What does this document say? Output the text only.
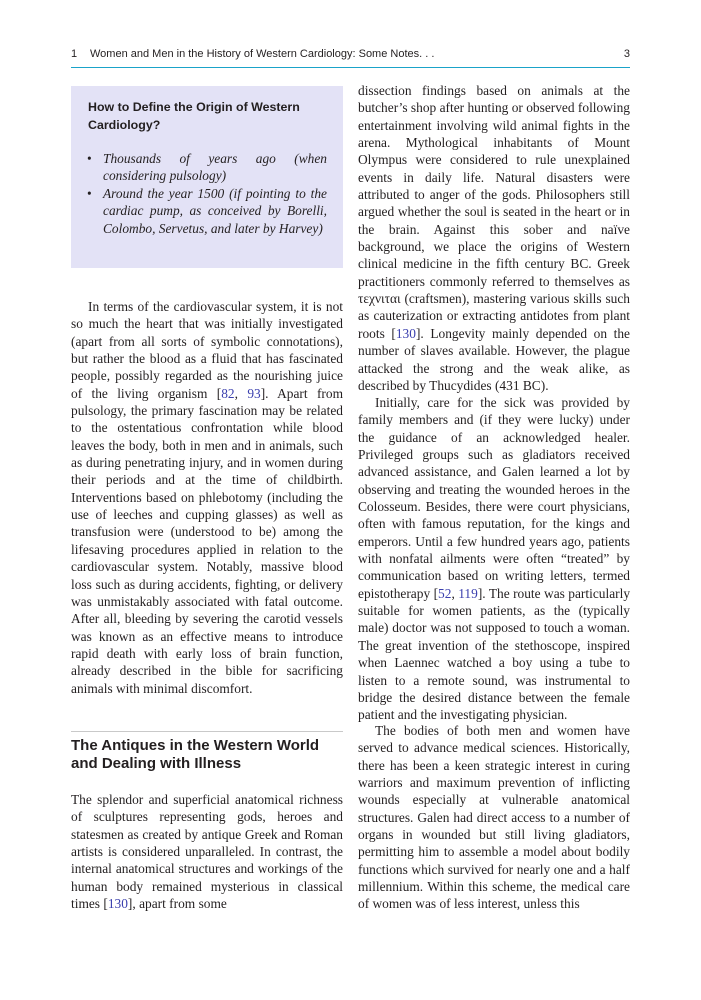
1 Women and Men in the History of Western Cardiology: Some Notes. . .	3
How to Define the Origin of Western Cardiology?
• Thousands of years ago (when considering pulsology)
• Around the year 1500 (if pointing to the cardiac pump, as conceived by Borelli, Colombo, Servetus, and later by Harvey)

In terms of the cardiovascular system, it is not so much the heart that was initially investigated (apart from all sorts of symbolic connotations), but rather the blood as a fluid that has fascinated people, possibly regarded as the nourishing juice of the living organism [82, 93]. Apart from pulsology, the primary fascination may be related to the ostentatious confrontation while blood leaves the body, both in men and in animals, such as during penetrating injury, and in women during their periods and at the time of childbirth. Interventions based on phlebotomy (including the use of leeches and cupping glasses) as well as transfusion were (understood to be) among the lifesaving procedures applied in relation to the cardiovascular system. Notably, massive blood loss such as during accidents, fighting, or delivery was unmistakably associated with fatal outcome. After all, bleeding by severing the carotid vessels was known as an effective means to introduce rapid death with early loss of brain function, already described in the bible for sacrificing animals with minimal discomfort.

The Antiques in the Western World and Dealing with Illness

The splendor and superficial anatomical richness of sculptures representing gods, heroes and statesmen as created by antique Greek and Roman artists is considered unparalleled. In contrast, the internal anatomical structures and workings of the human body remained mysterious in classical times [130], apart from some

dissection findings based on animals at the butcher’s shop after hunting or observed following entertainment involving wild animal fights in the arena. Mythological inhabitants of Mount Olympus were considered to rule unexplained events in daily life. Natural disasters were attributed to anger of the gods. Philosophers still argued whether the soul is seated in the heart or in the brain. Against this sober and naïve background, we place the origins of Western clinical medicine in the fifth century BC. Greek practitioners commonly referred to themselves as τεχνιται (craftsmen), mastering various skills such as cauterization or extracting antidotes from plant roots [130]. Longevity mainly depended on the number of slaves available. However, the plague attacked the strong and the weak alike, as described by Thucydides (431 BC).

Initially, care for the sick was provided by family members and (if they were lucky) under the guidance of an acknowledged healer. Privileged groups such as gladiators received advanced assistance, and Galen learned a lot by observing and treating the wounded heroes in the Colosseum. Besides, there were court physicians, often with famous reputation, for the kings and emperors. Until a few hundred years ago, patients with nonfatal ailments were often “treated” by communication based on writing letters, termed epistotherapy [52, 119]. The route was particularly suitable for women patients, as the (typically male) doctor was not supposed to touch a woman. The great invention of the stethoscope, inspired when Laennec watched a boy using a tube to listen to a remote sound, was instrumental to bridge the desired distance between the female patient and the investigating physician.

The bodies of both men and women have served to advance medical sciences. Historically, there has been a keen strategic interest in curing warriors and maximum prevention of inflicting wounds especially at vulnerable anatomical structures. Galen had direct access to a number of organs in wounded but still living gladiators, permitting him to assemble a model about bodily functions which survived for nearly one and a half millennium. Within this scheme, the medical care of women was of less interest, unless this
